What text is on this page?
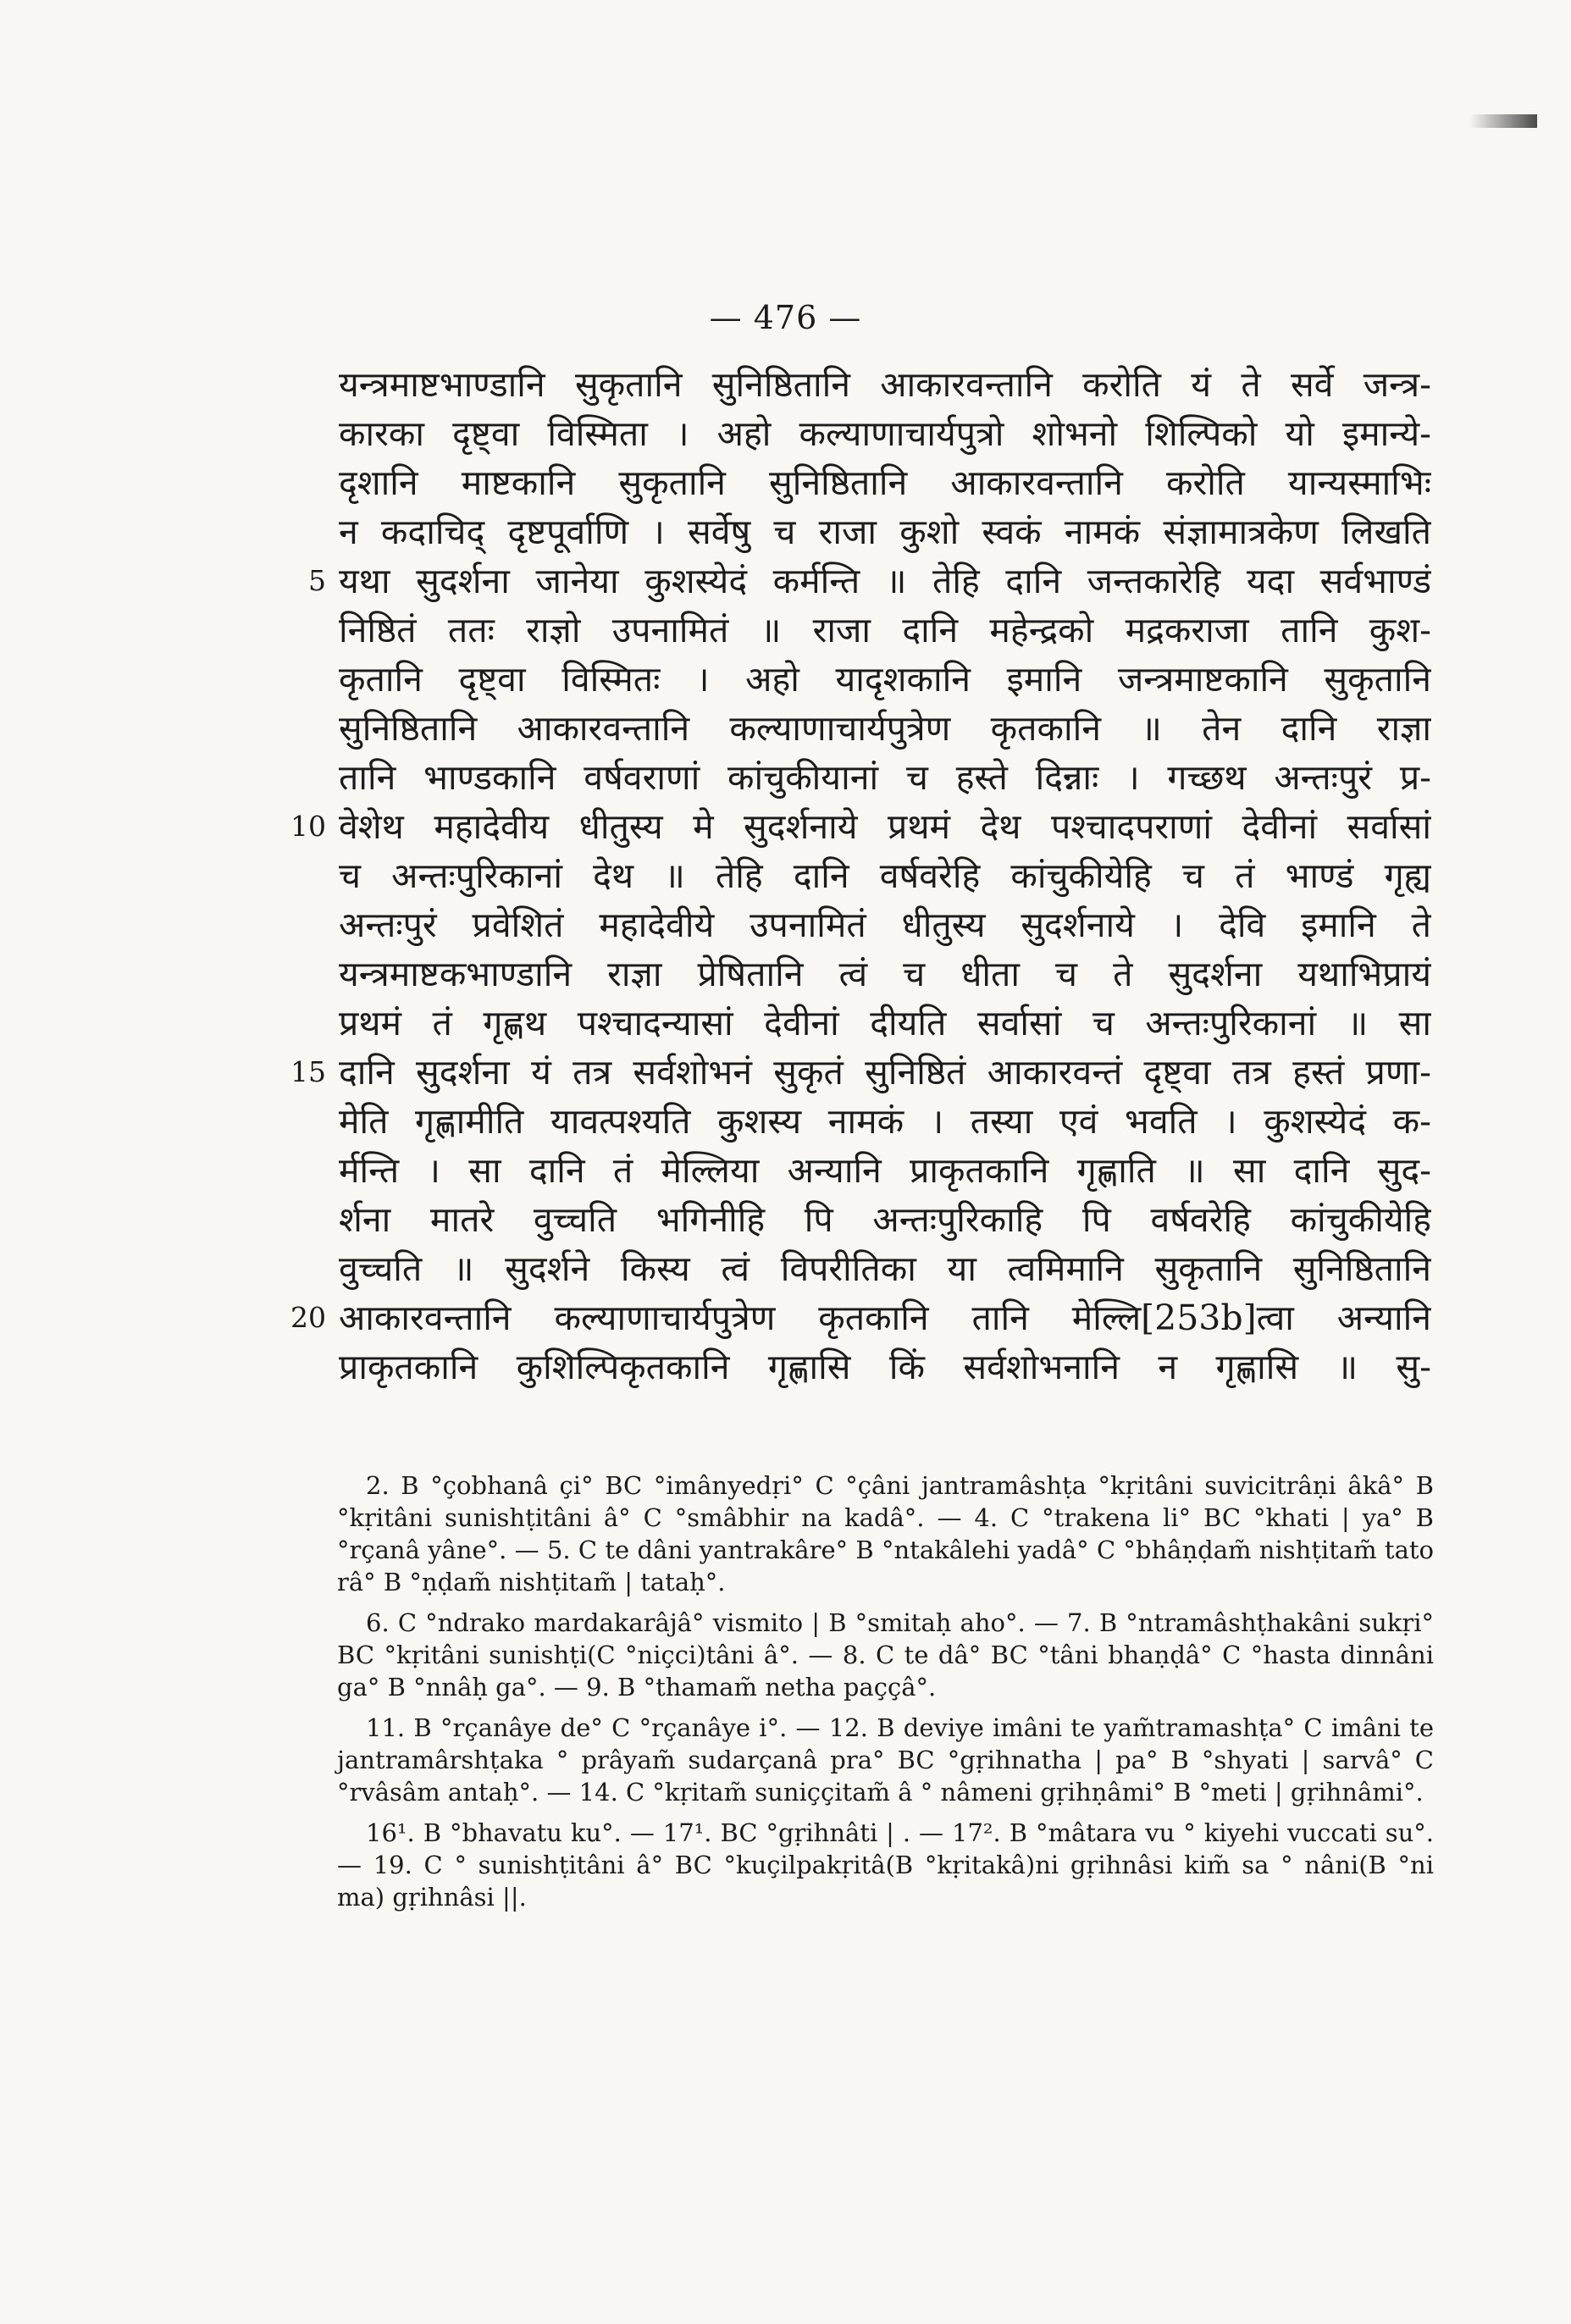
— 476 —
यन्त्रमाष्टभाण्डानि सुकृतानि सुनिष्ठितानि आकारवन्तानि करोति यं ते सर्वे जन्त्र-
कारका दृष्ट्वा विस्मिता । अहो कल्याणाचार्यपुत्रो शोभनो शिल्पिको यो इमान्ये-
दृशानि माष्टकानि सुकृतानि सुनिष्ठितानि आकारवन्तानि करोति यान्यस्माभिः
न कदाचिद् दृष्टपूर्वाणि । सर्वेषु च राजा कुशो स्वकं नामकं संज्ञामात्रकेण लिखति
यथा सुदर्शना जानेया कुशस्येदं कर्मन्ति ॥ तेहि दानि जन्तकारेहि यदा सर्वभाण्डं
निष्ठितं ततः राज्ञो उपनामितं ॥ राजा दानि महेन्द्रको मद्रकराजा तानि कुश-
कृतानि दृष्ट्वा विस्मितः । अहो यादृशकानि इमानि जन्त्रमाष्टकानि सुकृतानि
सुनिष्ठितानि आकारवन्तानि कल्याणाचार्यपुत्रेण कृतकानि ॥ तेन दानि राज्ञा
तानि भाण्डकानि वर्षवराणां कांचुकीयानां च हस्ते दिन्नाः । गच्छथ अन्तःपुरं प्र-
वेशेथ महादेवीय धीतुस्य मे सुदर्शनाये प्रथमं देथ पश्चादपराणां देवीनां सर्वासां
च अन्तःपुरिकानां देथ ॥ तेहि दानि वर्षवरेहि कांचुकीयेहि च तं भाण्डं गृह्य
अन्तःपुरं प्रवेशितं महादेवीये उपनामितं धीतुस्य सुदर्शनाये । देवि इमानि ते
यन्त्रमाष्टकभाण्डानि राज्ञा प्रेषितानि त्वं च धीता च ते सुदर्शना यथाभिप्रायं
प्रथमं तं गृह्णथ पश्चादन्यासां देवीनां दीयति सर्वासां च अन्तःपुरिकानां ॥ सा
दानि सुदर्शना यं तत्र सर्वशोभनं सुकृतं सुनिष्ठितं आकारवन्तं दृष्ट्वा तत्र हस्तं प्रणा-
मेति गृह्णामीति यावत्पश्यति कुशस्य नामकं । तस्या एवं भवति । कुशस्येदं क-
र्मन्ति । सा दानि तं मेल्लिया अन्यानि प्राकृतकानि गृह्णाति ॥ सा दानि सुद-
र्शना मातरे वुच्चति भगिनीहि पि अन्तःपुरिकाहि पि वर्षवरेहि कांचुकीयेहि
वुच्चति ॥ सुदर्शने किस्य त्वं विपरीतिका या त्वमिमानि सुकृतानि सुनिष्ठितानि
आकारवन्तानि कल्याणाचार्यपुत्रेण कृतकानि तानि मेल्लि[253b]त्वा अन्यानि
प्राकृतकानि कुशिल्पिकृतकानि गृह्णासि किं सर्वशोभनानि न गृह्णासि ॥ सु-
5
10
15
20
2. B °çobhanâ çi° BC °imânyedṛi° C °çâni jantramâshṭa °kṛitâni suvicitrâṇi âkâ° B °kṛitâni sunishṭitâni â° C °smâbhir na kadâ°. — 4. C °trakena li° BC °khati | ya° B °rçanâ yâne°. — 5. C te dâni yantrakâre° B °ntakâlehi yadâ° C °bhâṇḍam̃ nishṭitam̃ tato râ° B °ṇḍam̃ nishṭitam̃ | tataḥ°.
6. C °ndrako mardakarâjâ° vismito | B °smitaḥ aho°. — 7. B °ntramâshṭhakâni sukṛi° BC °kṛitâni sunishṭi(C °niçci)tâni â°. — 8. C te dâ° BC °tâni bhaṇḍâ° C °hasta dinnâni ga° B °nnâḥ ga°. — 9. B °thamam̃ netha paççâ°.
11. B °rçanâye de° C °rçanâye i°. — 12. B deviye imâni te yam̃tramashṭa° C imâni te jantramârshṭaka ° prâyam̃ sudarçanâ pra° BC °gṛihnatha | pa° B °shyati | sarvâ° C °rvâsâm antaḥ°. — 14. C °kṛitam̃ suniççitam̃ â ° nâmeni gṛihṇâmi° B °meti | gṛihnâmi°.
16¹. B °bhavatu ku°. — 17¹. BC °gṛihnâti | . — 17². B °mâtara vu ° kiyehi vuccati su°. — 19. C ° sunishṭitâni â° BC °kuçilpakṛitâ(B °kṛitakâ)ni gṛihnâsi kim̃ sa ° nâni(B °ni ma) gṛihnâsi ||.
